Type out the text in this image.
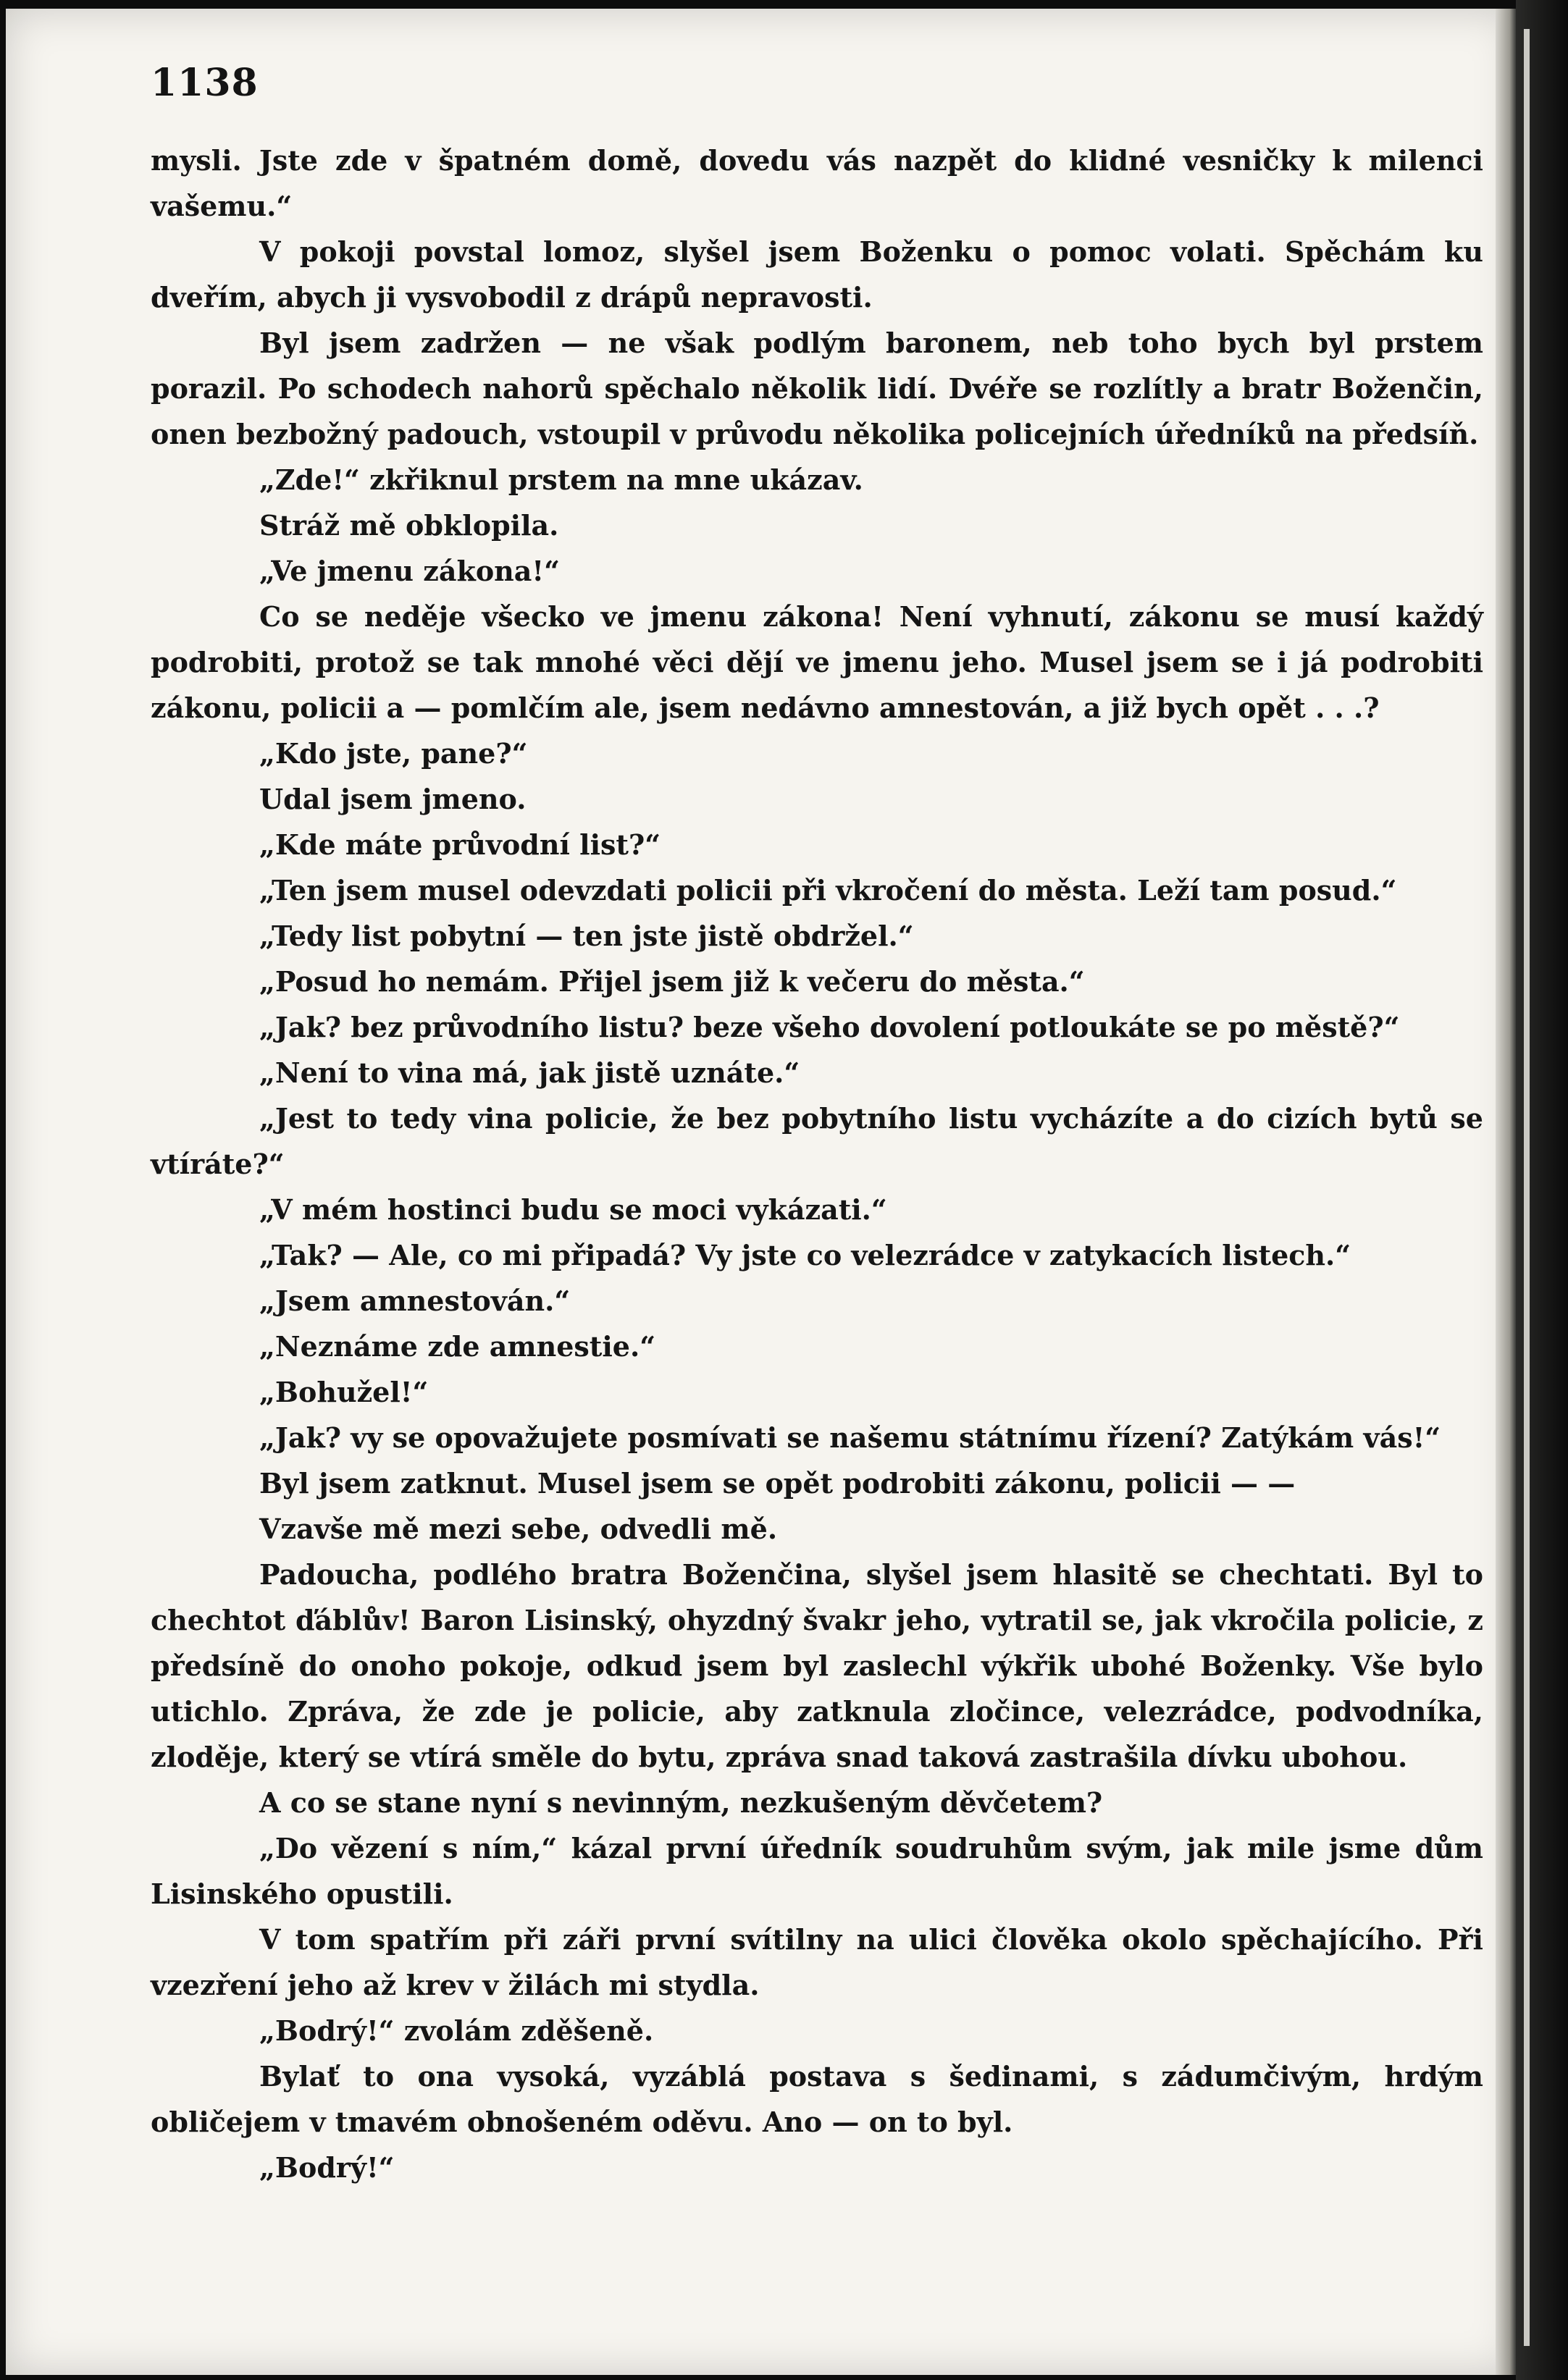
1138

mysli. Jste zde v špatném domě, dovedu vás nazpět do klidné vesničky k milenci vašemu.“

V pokoji povstal lomoz, slyšel jsem Boženku o pomoc volati. Spěchám ku dveřím, abych ji vysvobodil z drápů nepravosti.

Byl jsem zadržen — ne však podlým baronem, neb toho bych byl prstem porazil. Po schodech nahorů spěchalo několik lidí. Dvéře se rozlítly a bratr Boženčin, onen bezbožný padouch, vstoupil v průvodu několika policejních úředníků na předsíň.

„Zde!“ zkřiknul prstem na mne ukázav.

Stráž mě obklopila.

„Ve jmenu zákona!“

Co se neděje všecko ve jmenu zákona! Není vyhnutí, zákonu se musí každý podrobiti, protož se tak mnohé věci dějí ve jmenu jeho. Musel jsem se i já podrobiti zákonu, policii a — pomlčím ale, jsem nedávno amnestován, a již bych opět . . .?

„Kdo jste, pane?“

Udal jsem jmeno.

„Kde máte průvodní list?“

„Ten jsem musel odevzdati policii při vkročení do města. Leží tam posud.“

„Tedy list pobytní — ten jste jistě obdržel.“

„Posud ho nemám. Přijel jsem již k večeru do města.“

„Jak? bez průvodního listu? beze všeho dovolení potloukáte se po městě?“

„Není to vina má, jak jistě uznáte.“

„Jest to tedy vina policie, že bez pobytního listu vycházíte a do cizích bytů se vtíráte?“

„V mém hostinci budu se moci vykázati.“

„Tak? — Ale, co mi připadá? Vy jste co velezrádce v zatykacích listech.“

„Jsem amnestován.“

„Neznáme zde amnestie.“

„Bohužel!“

„Jak? vy se opovažujete posmívati se našemu státnímu řízení? Zatýkám vás!“

Byl jsem zatknut. Musel jsem se opět podrobiti zákonu, policii — —

Vzavše mě mezi sebe, odvedli mě.

Padoucha, podlého bratra Boženčina, slyšel jsem hlasitě se chechtati. Byl to chechtot ďáblův! Baron Lisinský, ohyzdný švakr jeho, vytratil se, jak vkročila policie, z předsíně do onoho pokoje, odkud jsem byl zaslechl výkřik ubohé Boženky. Vše bylo utichlo. Zpráva, že zde je policie, aby zatknula zločince, velezrádce, podvodníka, zloděje, který se vtírá směle do bytu, zpráva snad taková zastrašila dívku ubohou.

A co se stane nyní s nevinným, nezkušeným děvčetem?

„Do vězení s ním,“ kázal první úředník soudruhům svým, jak mile jsme dům Lisinského opustili.

V tom spatřím při záři první svítilny na ulici člověka okolo spěchajícího. Při vzezření jeho až krev v žilách mi stydla.

„Bodrý!“ zvolám zděšeně.

Bylať to ona vysoká, vyzáblá postava s šedinami, s zádumčivým, hrdým obličejem v tmavém obnošeném oděvu. Ano — on to byl.

„Bodrý!“
